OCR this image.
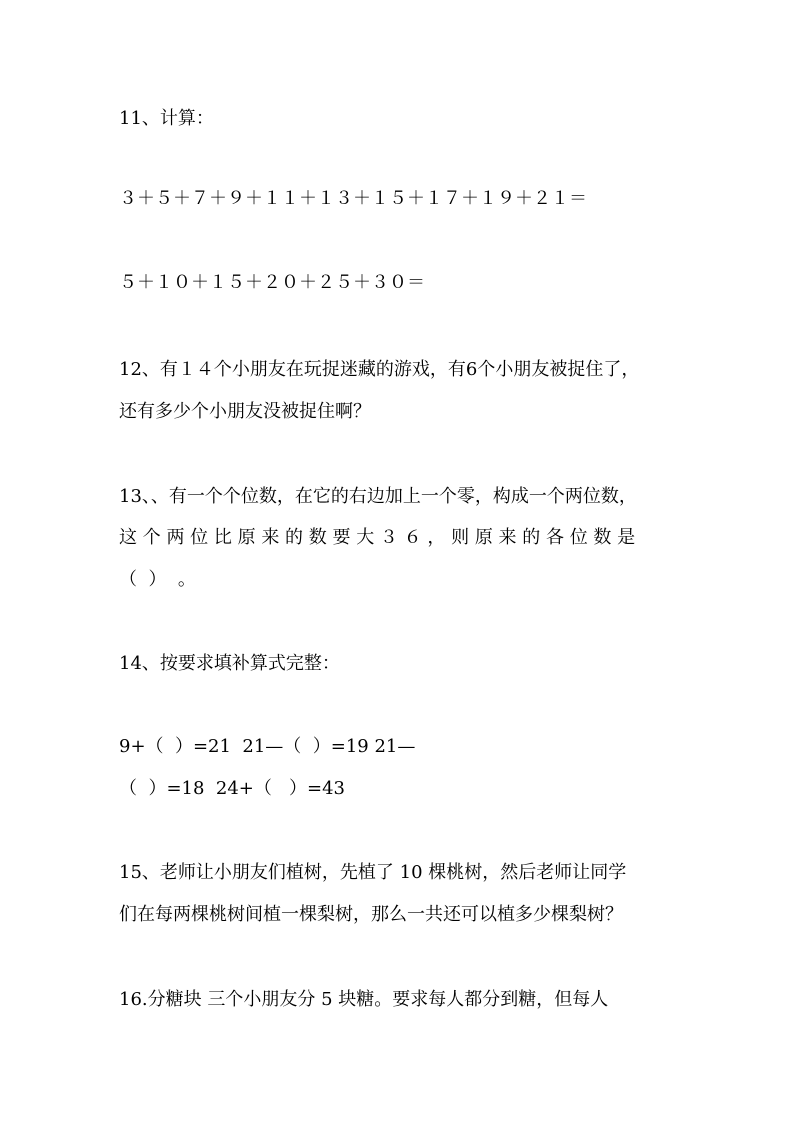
11、计算：
３＋５＋７＋９＋１１＋１３＋１５＋１７＋１９＋２１＝
５＋１０＋１５＋２０＋２５＋３０＝
12、有１４个小朋友在玩捉迷藏的游戏，有6个小朋友被捉住了，
还有多少个小朋友没被捉住啊？
13、、有一个个位数，在它的右边加上一个零，构成一个两位数，
这 个 两 位 比 原 来 的 数 要 大 ３ ６ ， 则 原 来 的 各 位 数 是
（  ）  。
14、按要求填补算式完整：
9+（  ）=21  21—（  ）=19 21—
（  ）=18  24+（   ）=43
15、老师让小朋友们植树，先植了 10 棵桃树，然后老师让同学
们在每两棵桃树间植一棵梨树，那么一共还可以植多少棵梨树？
16.分糖块 三个小朋友分 5 块糖。要求每人都分到糖，但每人
